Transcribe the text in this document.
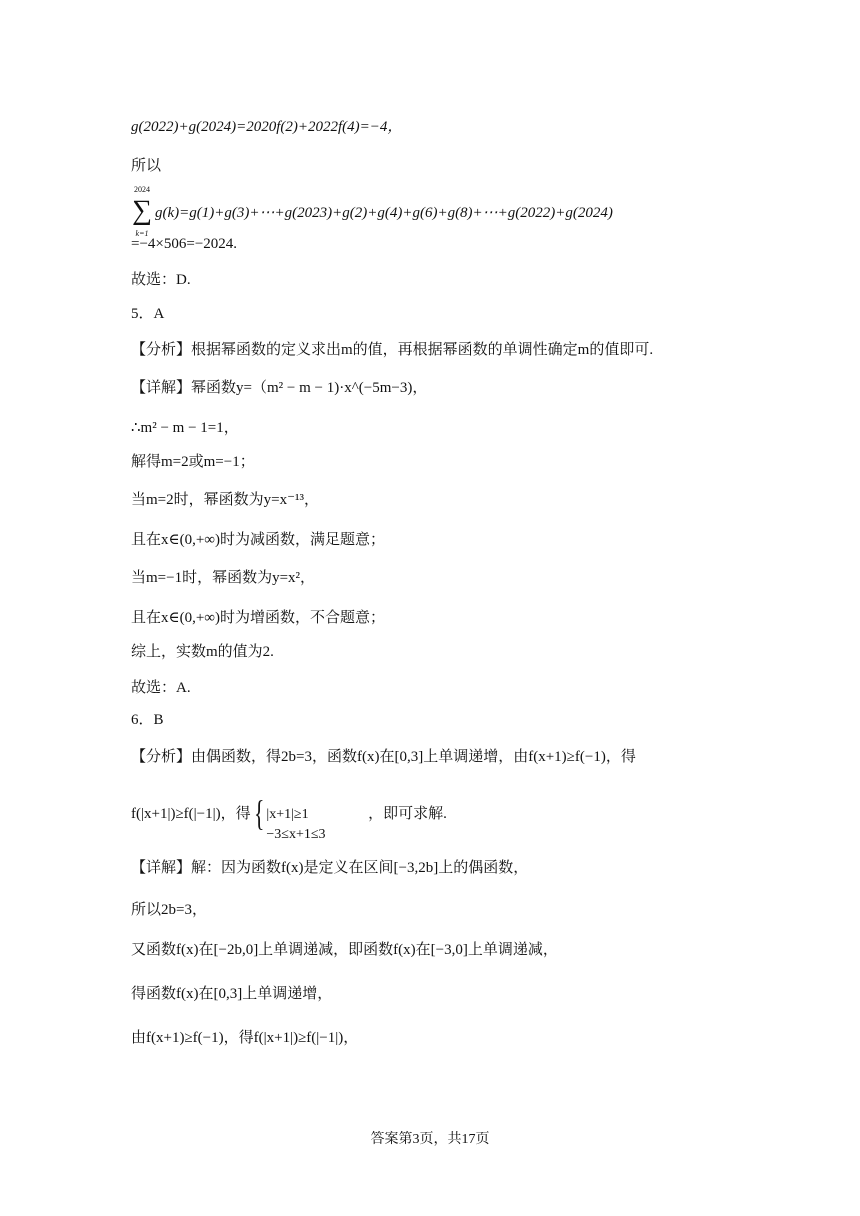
g(2022)+g(2024)=2020f(2)+2022f(4)=−4，
所以
2024
∑
k=1
g(k)=g(1)+g(3)+⋯+g(2023)+g(2)+g(4)+g(6)+g(8)+⋯+g(2022)+g(2024)
=−4×506=−2024.
故选：D.
5．A
【分析】根据幂函数的定义求出m的值，再根据幂函数的单调性确定m的值即可.
【详解】幂函数y=（m² − m − 1)·x^(−5m−3)，
∴m² − m − 1=1，
解得m=2或m=−1；
当m=2时，幂函数为y=x⁻¹³，
且在x∈(0,+∞)时为减函数，满足题意；
当m=−1时，幂函数为y=x²，
且在x∈(0,+∞)时为增函数，不合题意；
综上，实数m的值为2.
故选：A.
6．B
【分析】由偶函数，得2b=3，函数f(x)在[0,3]上单调递增，由f(x+1)≥f(−1)，得
f(|x+1|)≥f(|−1|)，得 { |x+1|≥1
−3≤x+1≤3
，即可求解.
【详解】解：因为函数f(x)是定义在区间[−3,2b]上的偶函数，
所以2b=3，
又函数f(x)在[−2b,0]上单调递减，即函数f(x)在[−3,0]上单调递减，
得函数f(x)在[0,3]上单调递增，
由f(x+1)≥f(−1)，得f(|x+1|)≥f(|−1|)，
答案第3页，共17页
